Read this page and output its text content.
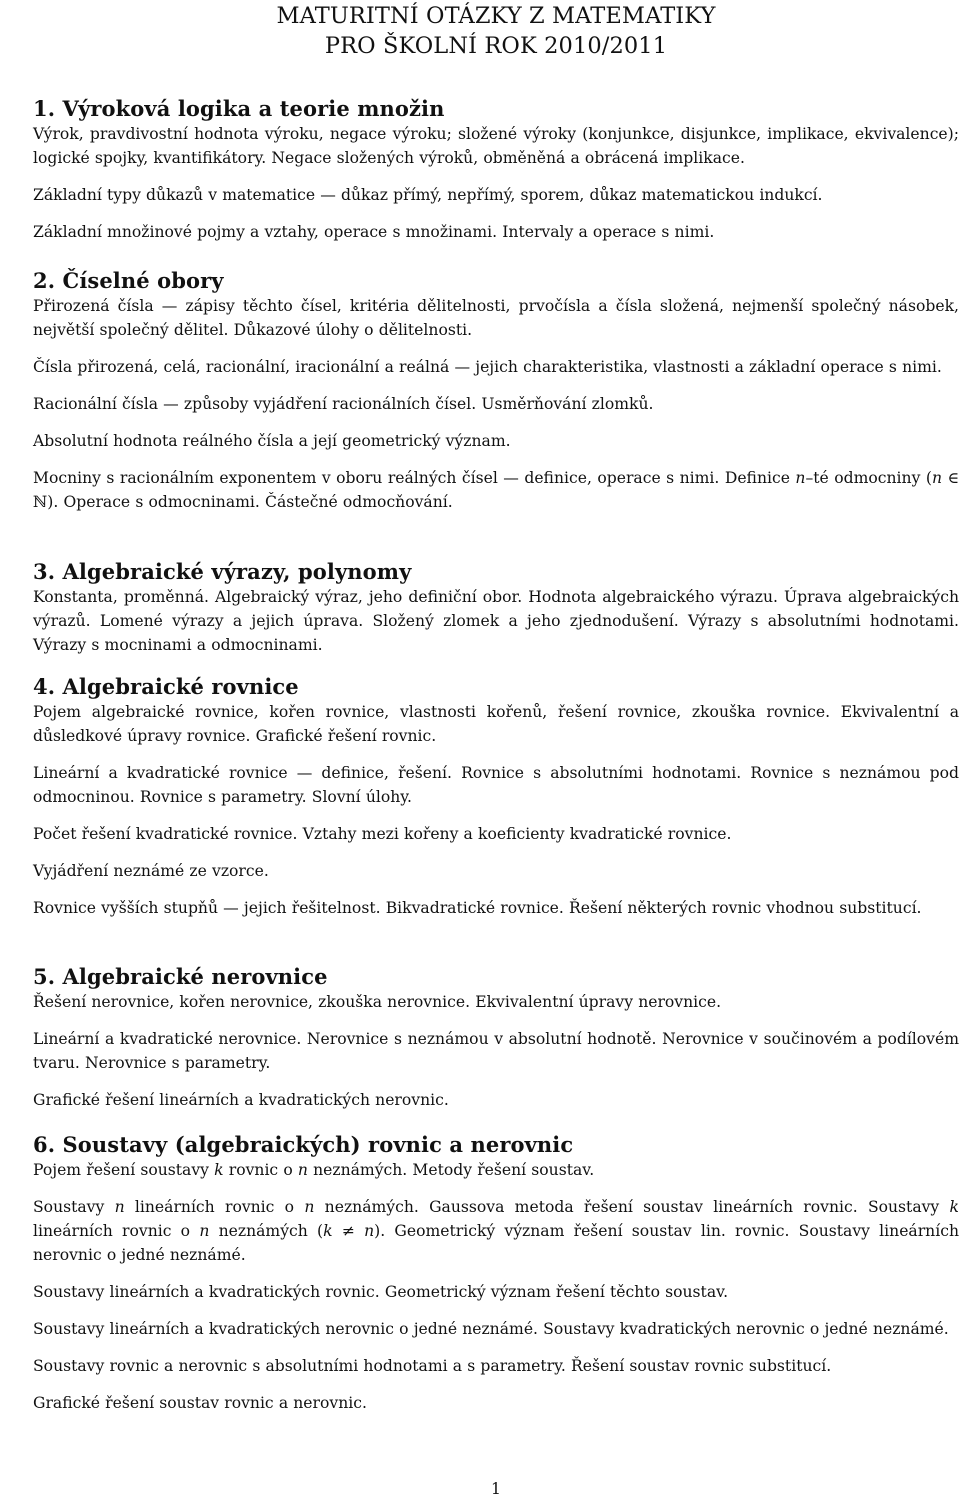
MATURITNÍ OTÁZKY Z MATEMATIKY
PRO ŠKOLNÍ ROK 2010/2011
1. Výroková logika a teorie množin

Výrok, pravdivostní hodnota výroku, negace výroku; složené výroky (konjunkce, disjunkce, implikace, ekvivalence); logické spojky, kvantifikátory. Negace složených výroků, obměněná a obrácená implikace.

Základní typy důkazů v matematice — důkaz přímý, nepřímý, sporem, důkaz matematickou indukcí.

Základní množinové pojmy a vztahy, operace s množinami. Intervaly a operace s nimi.

2. Číselné obory

Přirozená čísla — zápisy těchto čísel, kritéria dělitelnosti, prvočísla a čísla složená, nejmenší společný násobek, největší společný dělitel. Důkazové úlohy o dělitelnosti.

Čísla přirozená, celá, racionální, iracionální a reálná — jejich charakteristika, vlastnosti a základní operace s nimi.

Racionální čísla — způsoby vyjádření racionálních čísel. Usměrňování zlomků.

Absolutní hodnota reálného čísla a její geometrický význam.

Mocniny s racionálním exponentem v oboru reálných čísel — definice, operace s nimi. Definice n–té odmocniny (n ∈ ℕ). Operace s odmocninami. Částečné odmocňování.

3. Algebraické výrazy, polynomy

Konstanta, proměnná. Algebraický výraz, jeho definiční obor. Hodnota algebraického výrazu. Úprava algebraických výrazů. Lomené výrazy a jejich úprava. Složený zlomek a jeho zjednodušení. Výrazy s absolutními hodnotami. Výrazy s mocninami a odmocninami.

4. Algebraické rovnice

Pojem algebraické rovnice, kořen rovnice, vlastnosti kořenů, řešení rovnice, zkouška rovnice. Ekvivalentní a důsledkové úpravy rovnice. Grafické řešení rovnic.

Lineární a kvadratické rovnice — definice, řešení. Rovnice s absolutními hodnotami. Rovnice s neznámou pod odmocninou. Rovnice s parametry. Slovní úlohy.

Počet řešení kvadratické rovnice. Vztahy mezi kořeny a koeficienty kvadratické rovnice.

Vyjádření neznámé ze vzorce.

Rovnice vyšších stupňů — jejich řešitelnost. Bikvadratické rovnice. Řešení některých rovnic vhodnou substitucí.

5. Algebraické nerovnice

Řešení nerovnice, kořen nerovnice, zkouška nerovnice. Ekvivalentní úpravy nerovnice.

Lineární a kvadratické nerovnice. Nerovnice s neznámou v absolutní hodnotě. Nerovnice v součinovém a podílovém tvaru. Nerovnice s parametry.

Grafické řešení lineárních a kvadratických nerovnic.

6. Soustavy (algebraických) rovnic a nerovnic

Pojem řešení soustavy k rovnic o n neznámých. Metody řešení soustav.

Soustavy n lineárních rovnic o n neznámých. Gaussova metoda řešení soustav lineárních rovnic. Soustavy k lineárních rovnic o n neznámých (k ≠ n). Geometrický význam řešení soustav lin. rovnic. Soustavy lineárních nerovnic o jedné neznámé.

Soustavy lineárních a kvadratických rovnic. Geometrický význam řešení těchto soustav.

Soustavy lineárních a kvadratických nerovnic o jedné neznámé. Soustavy kvadratických nerovnic o jedné neznámé.

Soustavy rovnic a nerovnic s absolutními hodnotami a s parametry. Řešení soustav rovnic substitucí.

Grafické řešení soustav rovnic a nerovnic.

1
